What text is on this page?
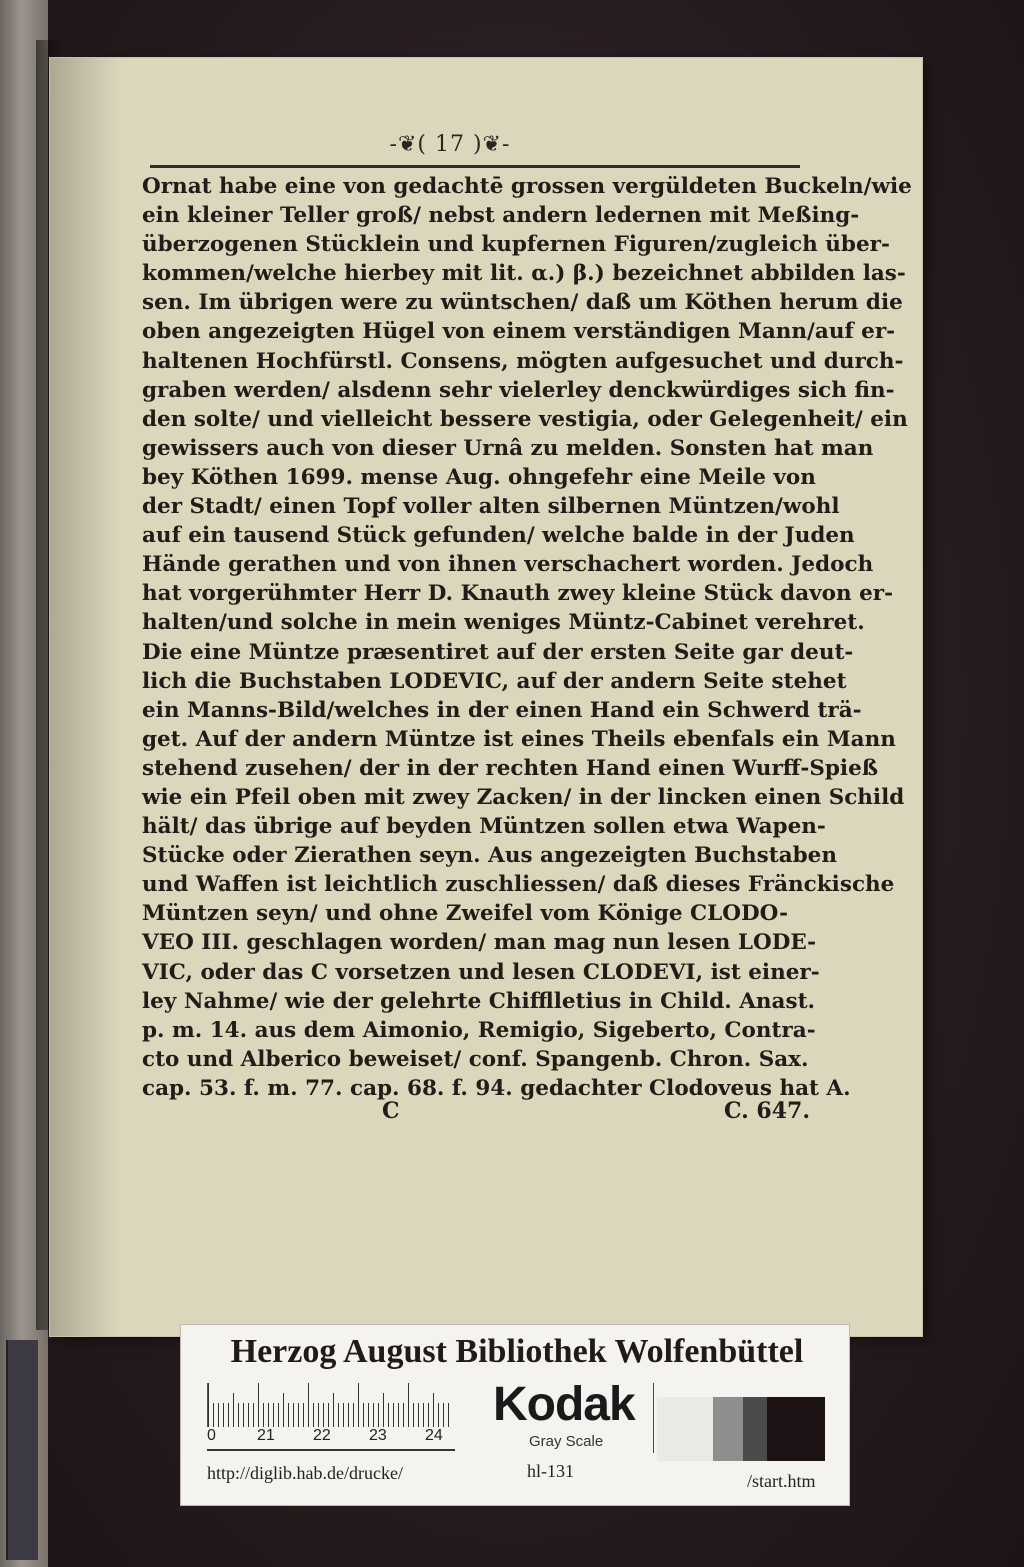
-❦( 17 )❦-
Ornat habe eine von gedachtē grossen vergüldeten Buckeln/wie
ein kleiner Teller groß/ nebst andern ledernen mit Meßing-
überzogenen Stücklein und kupfernen Figuren/zugleich über-
kommen/welche hierbey mit lit. α.) β.) bezeichnet abbilden las-
sen. Im übrigen were zu wüntschen/ daß um Köthen herum die
oben angezeigten Hügel von einem verständigen Mann/auf er-
haltenen Hochfürstl. Consens, mögten aufgesuchet und durch-
graben werden/ alsdenn sehr vielerley denckwürdiges sich fin-
den solte/ und vielleicht bessere vestigia, oder Gelegenheit/ ein
gewissers auch von dieser Urnâ zu melden. Sonsten hat man
bey Köthen 1699. mense Aug. ohngefehr eine Meile von
der Stadt/ einen Topf voller alten silbernen Müntzen/wohl
auf ein tausend Stück gefunden/ welche balde in der Juden
Hände gerathen und von ihnen verschachert worden. Jedoch
hat vorgerühmter Herr D. Knauth zwey kleine Stück davon er-
halten/und solche in mein weniges Müntz-Cabinet verehret.
Die eine Müntze præsentiret auf der ersten Seite gar deut-
lich die Buchstaben LODEVIC, auf der andern Seite stehet
ein Manns-Bild/welches in der einen Hand ein Schwerd trä-
get. Auf der andern Müntze ist eines Theils ebenfals ein Mann
stehend zusehen/ der in der rechten Hand einen Wurff-Spieß
wie ein Pfeil oben mit zwey Zacken/ in der lincken einen Schild
hält/ das übrige auf beyden Müntzen sollen etwa Wapen-
Stücke oder Zierathen seyn. Aus angezeigten Buchstaben
und Waffen ist leichtlich zuschliessen/ daß dieses Fränckische
Müntzen seyn/ und ohne Zweifel vom Könige CLODO-
VEO III. geschlagen worden/ man mag nun lesen LODE-
VIC, oder das C vorsetzen und lesen CLODEVI, ist einer-
ley Nahme/ wie der gelehrte Chifflletius in Child. Anast.
p. m. 14. aus dem Aimonio, Remigio, Sigeberto, Contra-
cto und Alberico beweiset/ conf. Spangenb. Chron. Sax.
cap. 53. f. m. 77. cap. 68. f. 94. gedachter Clodoveus hat A.
C	C. 647.
Herzog August Bibliothek Wolfenbüttel
0	21 22 23 24
Kodak
Gray Scale
http://diglib.hab.de/drucke/	hl-131	/start.htm
